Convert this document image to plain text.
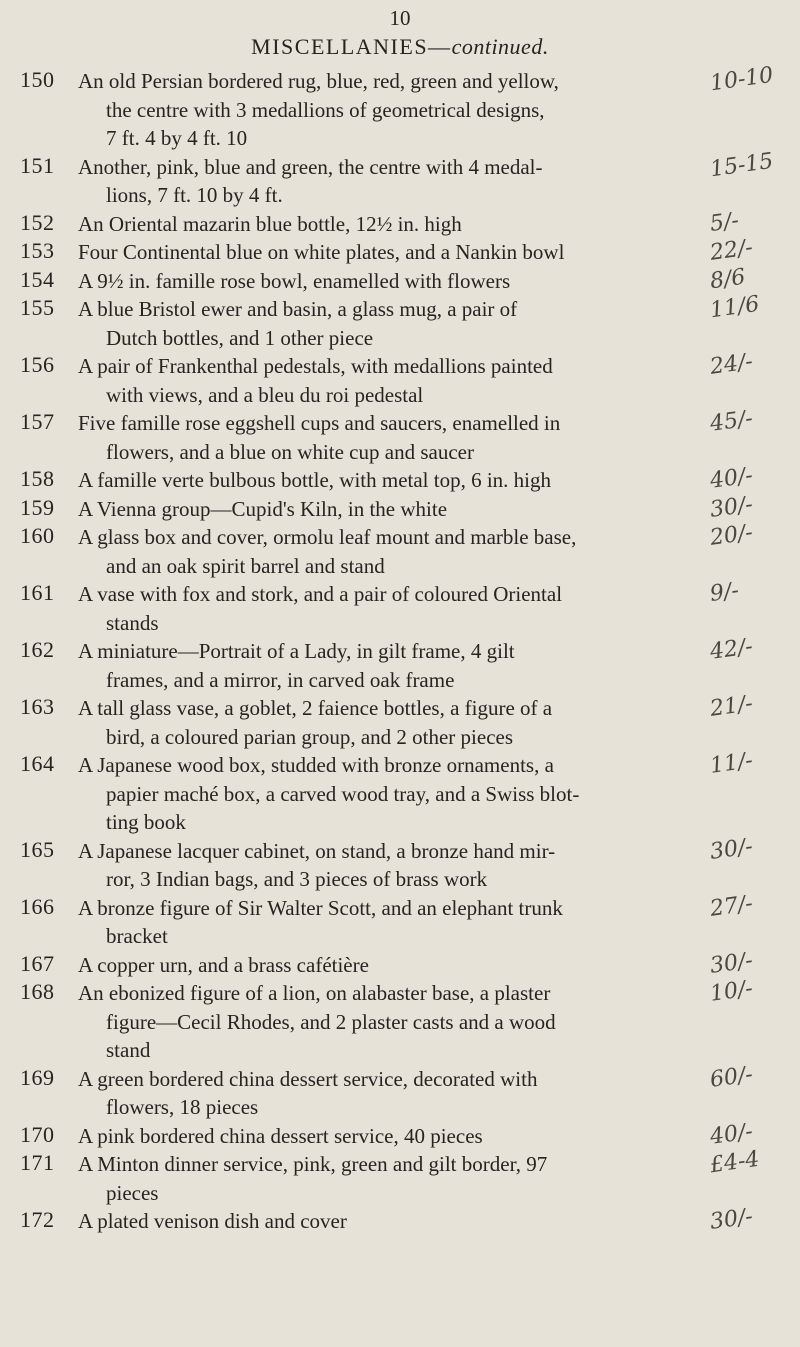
10
MISCELLANIES—continued.
150 An old Persian bordered rug, blue, red, green and yellow,
the centre with 3 medallions of geometrical designs,
7 ft. 4 by 4 ft. 10
10-10
151 Another, pink, blue and green, the centre with 4 medal-
lions, 7 ft. 10 by 4 ft.
15-15
152 An Oriental mazarin blue bottle, 12½ in. high	5/-
153 Four Continental blue on white plates, and a Nankin bowl	22/-
154 A 9½ in. famille rose bowl, enamelled with flowers	8/6
155 A blue Bristol ewer and basin, a glass mug, a pair of
Dutch bottles, and 1 other piece
11/6
156 A pair of Frankenthal pedestals, with medallions painted
with views, and a bleu du roi pedestal
24/-
157 Five famille rose eggshell cups and saucers, enamelled in
flowers, and a blue on white cup and saucer
45/-
158 A famille verte bulbous bottle, with metal top, 6 in. high	40/-
159 A Vienna group—Cupid's Kiln, in the white	30/-
160 A glass box and cover, ormolu leaf mount and marble base,
and an oak spirit barrel and stand
20/-
161 A vase with fox and stork, and a pair of coloured Oriental
stands
9/-
162 A miniature—Portrait of a Lady, in gilt frame, 4 gilt
frames, and a mirror, in carved oak frame
42/-
163 A tall glass vase, a goblet, 2 faience bottles, a figure of a
bird, a coloured parian group, and 2 other pieces
21/-
164 A Japanese wood box, studded with bronze ornaments, a
papier maché box, a carved wood tray, and a Swiss blot-
ting book
11/-
165 A Japanese lacquer cabinet, on stand, a bronze hand mir-
ror, 3 Indian bags, and 3 pieces of brass work
30/-
166 A bronze figure of Sir Walter Scott, and an elephant trunk
bracket
27/-
167 A copper urn, and a brass cafétière	30/-
168 An ebonized figure of a lion, on alabaster base, a plaster
figure—Cecil Rhodes, and 2 plaster casts and a wood
stand
10/-
169 A green bordered china dessert service, decorated with
flowers, 18 pieces
60/-
170 A pink bordered china dessert service, 40 pieces	40/-
171 A Minton dinner service, pink, green and gilt border, 97
pieces
£4-4
172 A plated venison dish and cover	30/-
